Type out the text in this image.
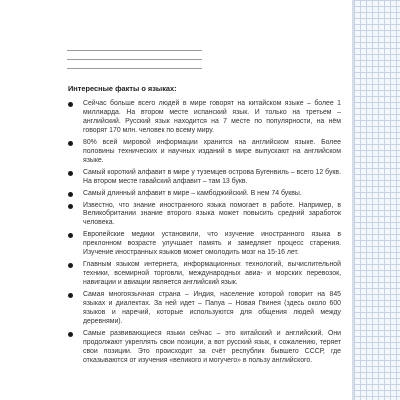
Интересные факты о языках:
Сейчас больше всего людей в мире говорят на китайском языке – более 1 миллиарда. На втором месте испанский язык. И только на третьем – английский. Русский язык находится на 7 месте по популярности, на нём говорят 170 млн. человек по всему миру.
80% всей мировой информации хранится на английском языке. Более половины технических и научных изданий в мире выпускают на английском языке.
Самый короткий алфавит в мире у туземцев острова Бугенвиль – всего 12 букв. На втором месте гавайский алфавит – там 13 букв.
Самый длинный алфавит в мире – камбоджийский. В нем 74 буквы.
Известно, что знание иностранного языка помогает в работе. Например, в Великобритании знание второго языка может повысить средний заработок человека.
Европейские медики установили, что изучение иностранного языка в преклонном возрасте улучшает память и замедляет процесс старения. Изучение иностранных языков может омолодить мозг на 15-16 лет.
Главным языком интернета, информационных технологий, вычислительной техники, всемирной торговли, международных авиа- и морских перевозок, навигации и авиации является английский язык.
Самая многоязычная страна – Индия, население которой говорит на 845 языках и диалектах. За ней идет – Папуа – Новая Гвинея (здесь около 600 языков и наречий, которые используются для общения людей между деревнями).
Самые развивающиеся языки сейчас – это китайский и английский. Они продолжают укреплять свои позиции, а вот русский язык, к сожалению, теряет свои позиции. Это происходит за счёт республик бывшего СССР, где отказываются от изучения «великого и могучего» в пользу английского.
